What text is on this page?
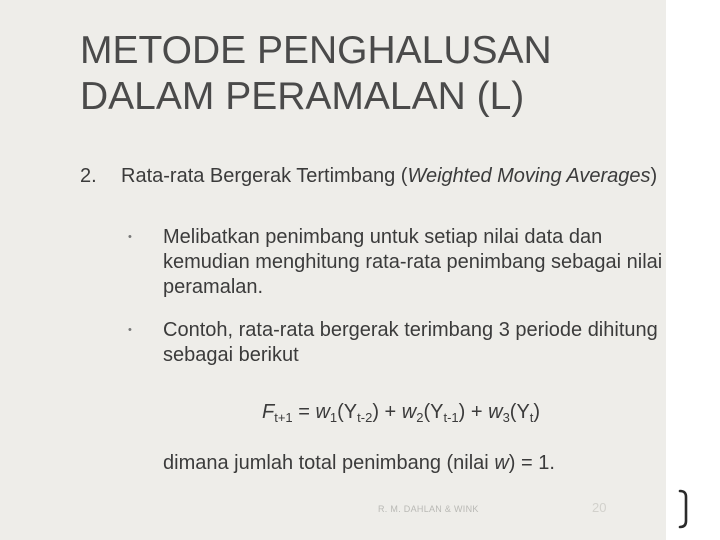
METODE PENGHALUSAN
DALAM PERAMALAN (L)
2. Rata-rata Bergerak Tertimbang (Weighted Moving Averages)
• Melibatkan penimbang untuk setiap nilai data dan kemudian menghitung rata-rata penimbang sebagai nilai peramalan.
• Contoh, rata-rata bergerak terimbang 3 periode dihitung sebagai berikut
$F_{t+1} = w_1(Y_{t-2}) + w_2(Y_{t-1}) + w_3(Y_t)$
dimana jumlah total penimbang (nilai w) = 1.
R. M. DAHLAN & WINK	20
